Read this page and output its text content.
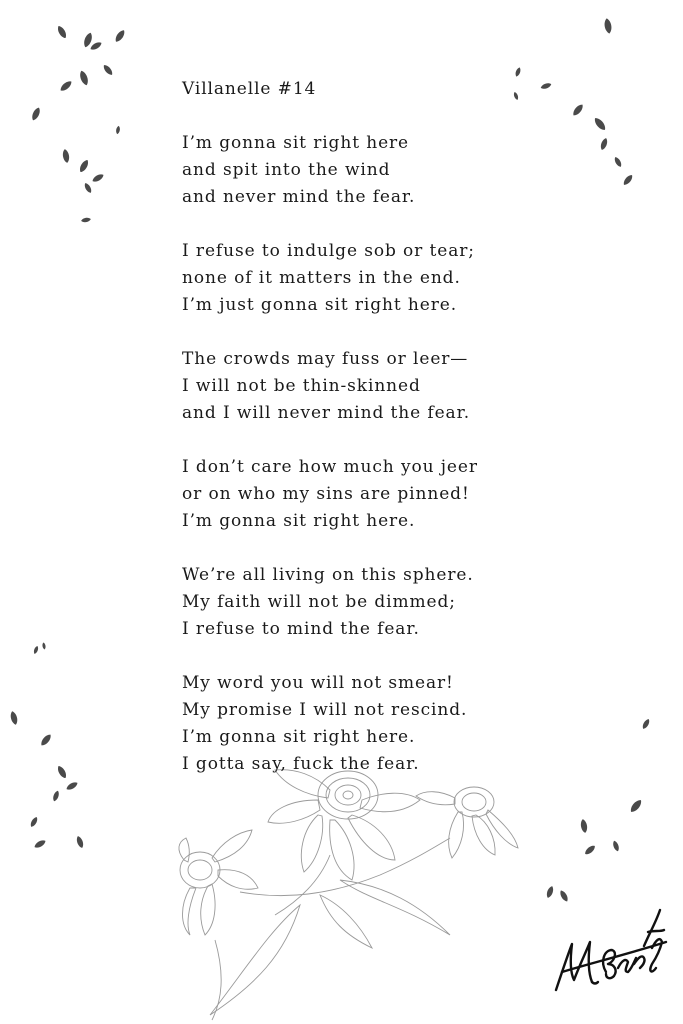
Villanelle #14
I’m gonna sit right here
and spit into the wind
and never mind the fear.
I refuse to indulge sob or tear;
none of it matters in the end.
I’m just gonna sit right here.
The crowds may fuss or leer—
I will not be thin-skinned
and I will never mind the fear.
I don’t care how much you jeer
or on who my sins are pinned!
I’m gonna sit right here.
We’re all living on this sphere.
My faith will not be dimmed;
I refuse to mind the fear.
My word you will not smear!
My promise I will not rescind.
I’m gonna sit right here.
I gotta say, fuck the fear.
